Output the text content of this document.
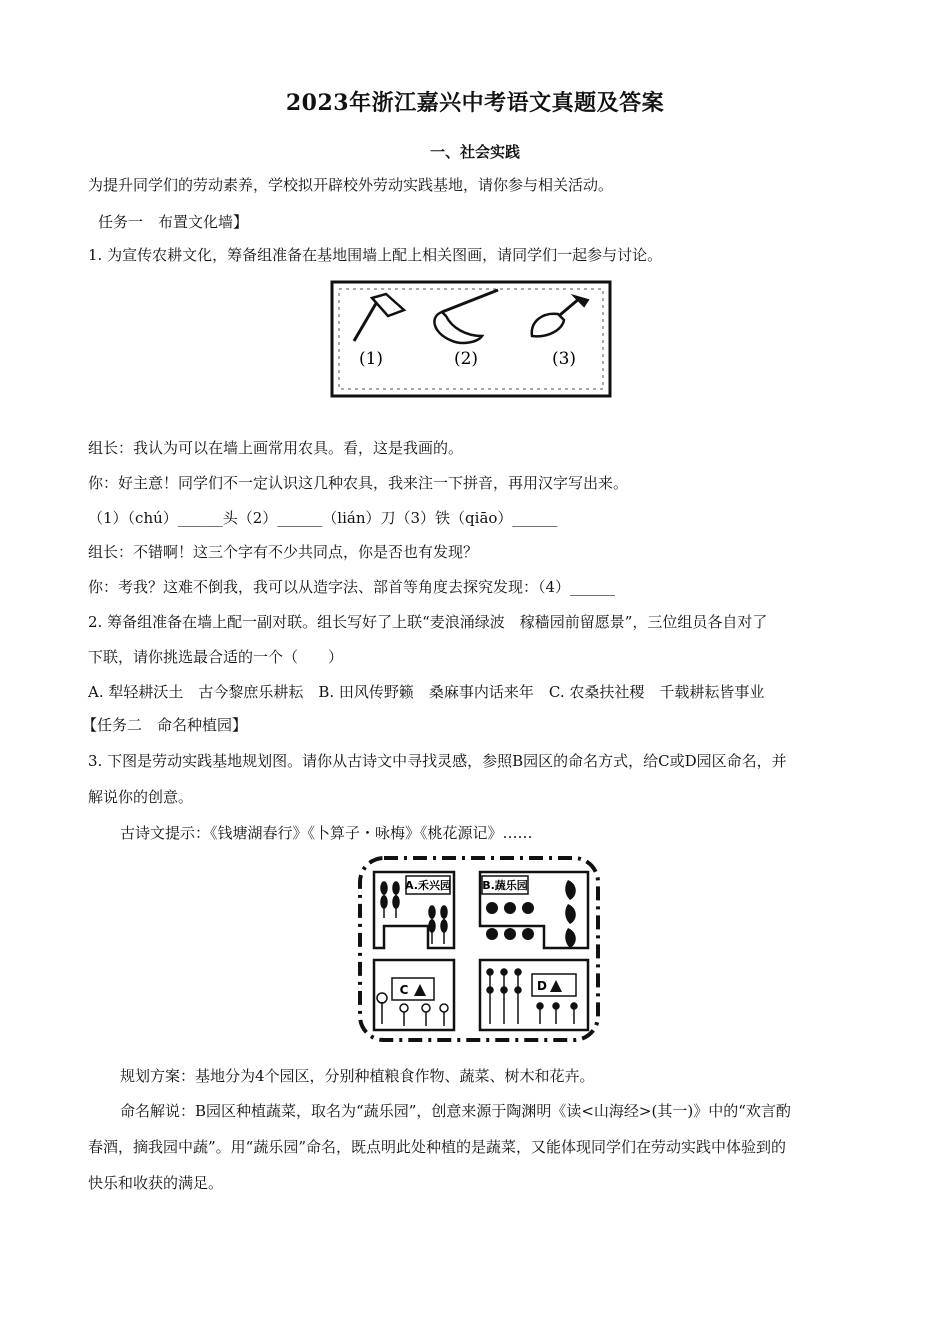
2023年浙江嘉兴中考语文真题及答案
一、社会实践
为提升同学们的劳动素养，学校拟开辟校外劳动实践基地，请你参与相关活动。
任务一　布置文化墙】
1. 为宣传农耕文化，筹备组准备在基地围墙上配上相关图画，请同学们一起参与讨论。
(1)	(2)	(3)
组长：我认为可以在墙上画常用农具。看，这是我画的。
你：好主意！同学们不一定认识这几种农具，我来注一下拼音，再用汉字写出来。
（1）（chú）______头（2）______（lián）刀（3）铁（qiāo）______
组长：不错啊！这三个字有不少共同点，你是否也有发现？
你：考我？这难不倒我，我可以从造字法、部首等角度去探究发现：（4）______
2. 筹备组准备在墙上配一副对联。组长写好了上联“麦浪涌绿波　稼穑园前留愿景”，三位组员各自对了
下联，请你挑选最合适的一个（　　）
A. 犁轻耕沃土　古今黎庶乐耕耘　B. 田风传野籁　桑麻事内话来年　C. 农桑扶社稷　千载耕耘皆事业
【任务二　命名种植园】
3. 下图是劳动实践基地规划图。请你从古诗文中寻找灵感，参照B园区的命名方式，给C或D园区命名，并
解说你的创意。
古诗文提示：《钱塘湖春行》《卜算子・咏梅》《桃花源记》……
A.禾兴园	B.蔬乐园
C	D
规划方案：基地分为4个园区，分别种植粮食作物、蔬菜、树木和花卉。
命名解说：B园区种植蔬菜，取名为“蔬乐园”，创意来源于陶渊明《读<山海经>(其一)》中的“欢言酌
春酒，摘我园中蔬”。用“蔬乐园”命名，既点明此处种植的是蔬菜，又能体现同学们在劳动实践中体验到的
快乐和收获的满足。
